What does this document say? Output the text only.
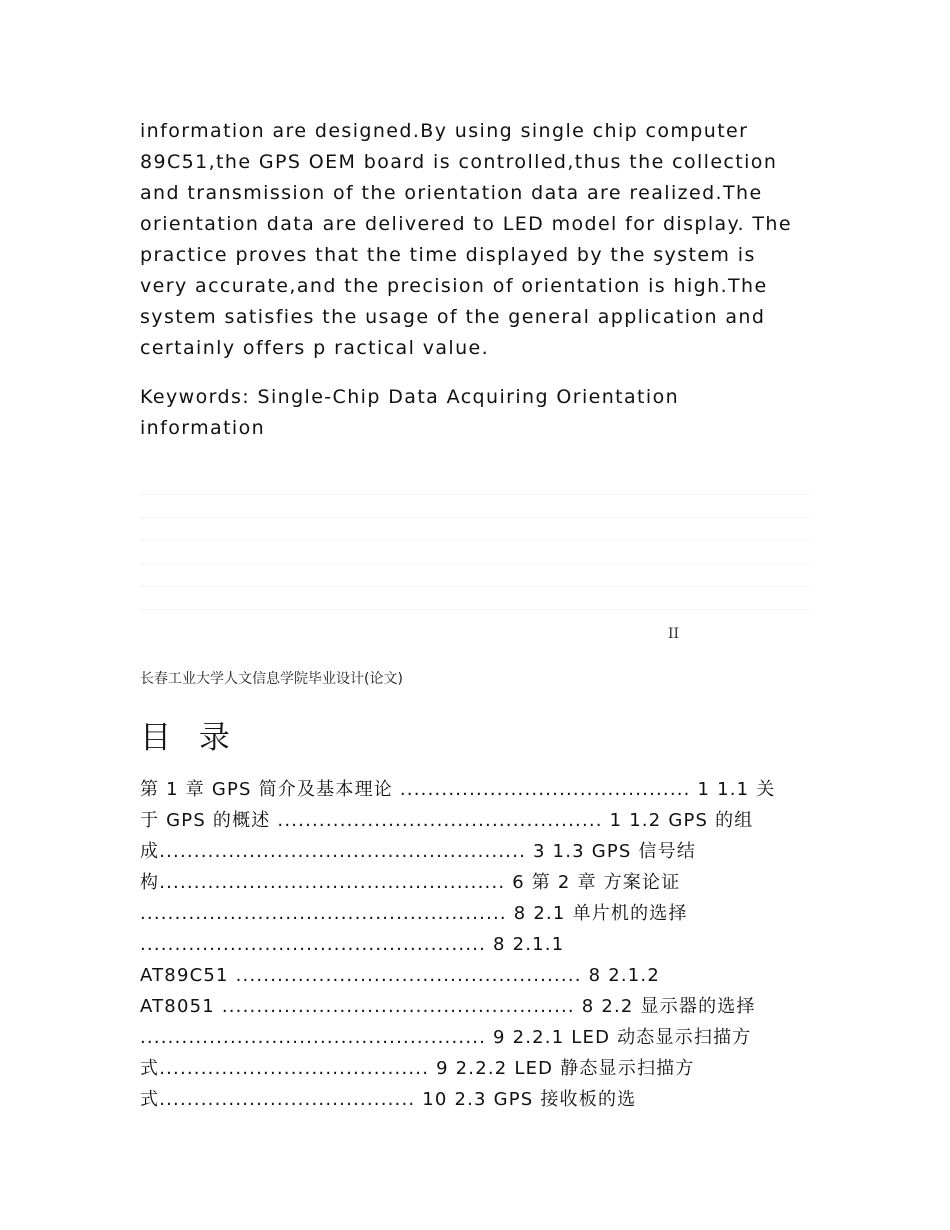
information are designed.By using single chip computer
89C51,the GPS OEM board is controlled,thus the collection
and transmission of the orientation data are realized.The
orientation data are delivered to LED model for display. The
practice proves that the time displayed by the system is
very accurate,and the precision of orientation is high.The
system satisfies the usage of the general application and
certainly offers p ractical value.
Keywords: Single-Chip Data Acquiring Orientation
information
II
长春工业大学人文信息学院毕业设计(论文)
目 录
第 1 章 GPS 简介及基本理论 .......................................... 1 1.1 关
于 GPS 的概述 ............................................... 1 1.2 GPS 的组
成..................................................... 3 1.3 GPS 信号结
构.................................................. 6 第 2 章 方案论证
..................................................... 8 2.1 单片机的选择
.................................................. 8 2.1.1
AT89C51 .................................................. 8 2.1.2
AT8051 ................................................... 8 2.2 显示器的选择
.................................................. 9 2.2.1 LED 动态显示扫描方
式....................................... 9 2.2.2 LED 静态显示扫描方
式..................................... 10 2.3 GPS 接收板的选
